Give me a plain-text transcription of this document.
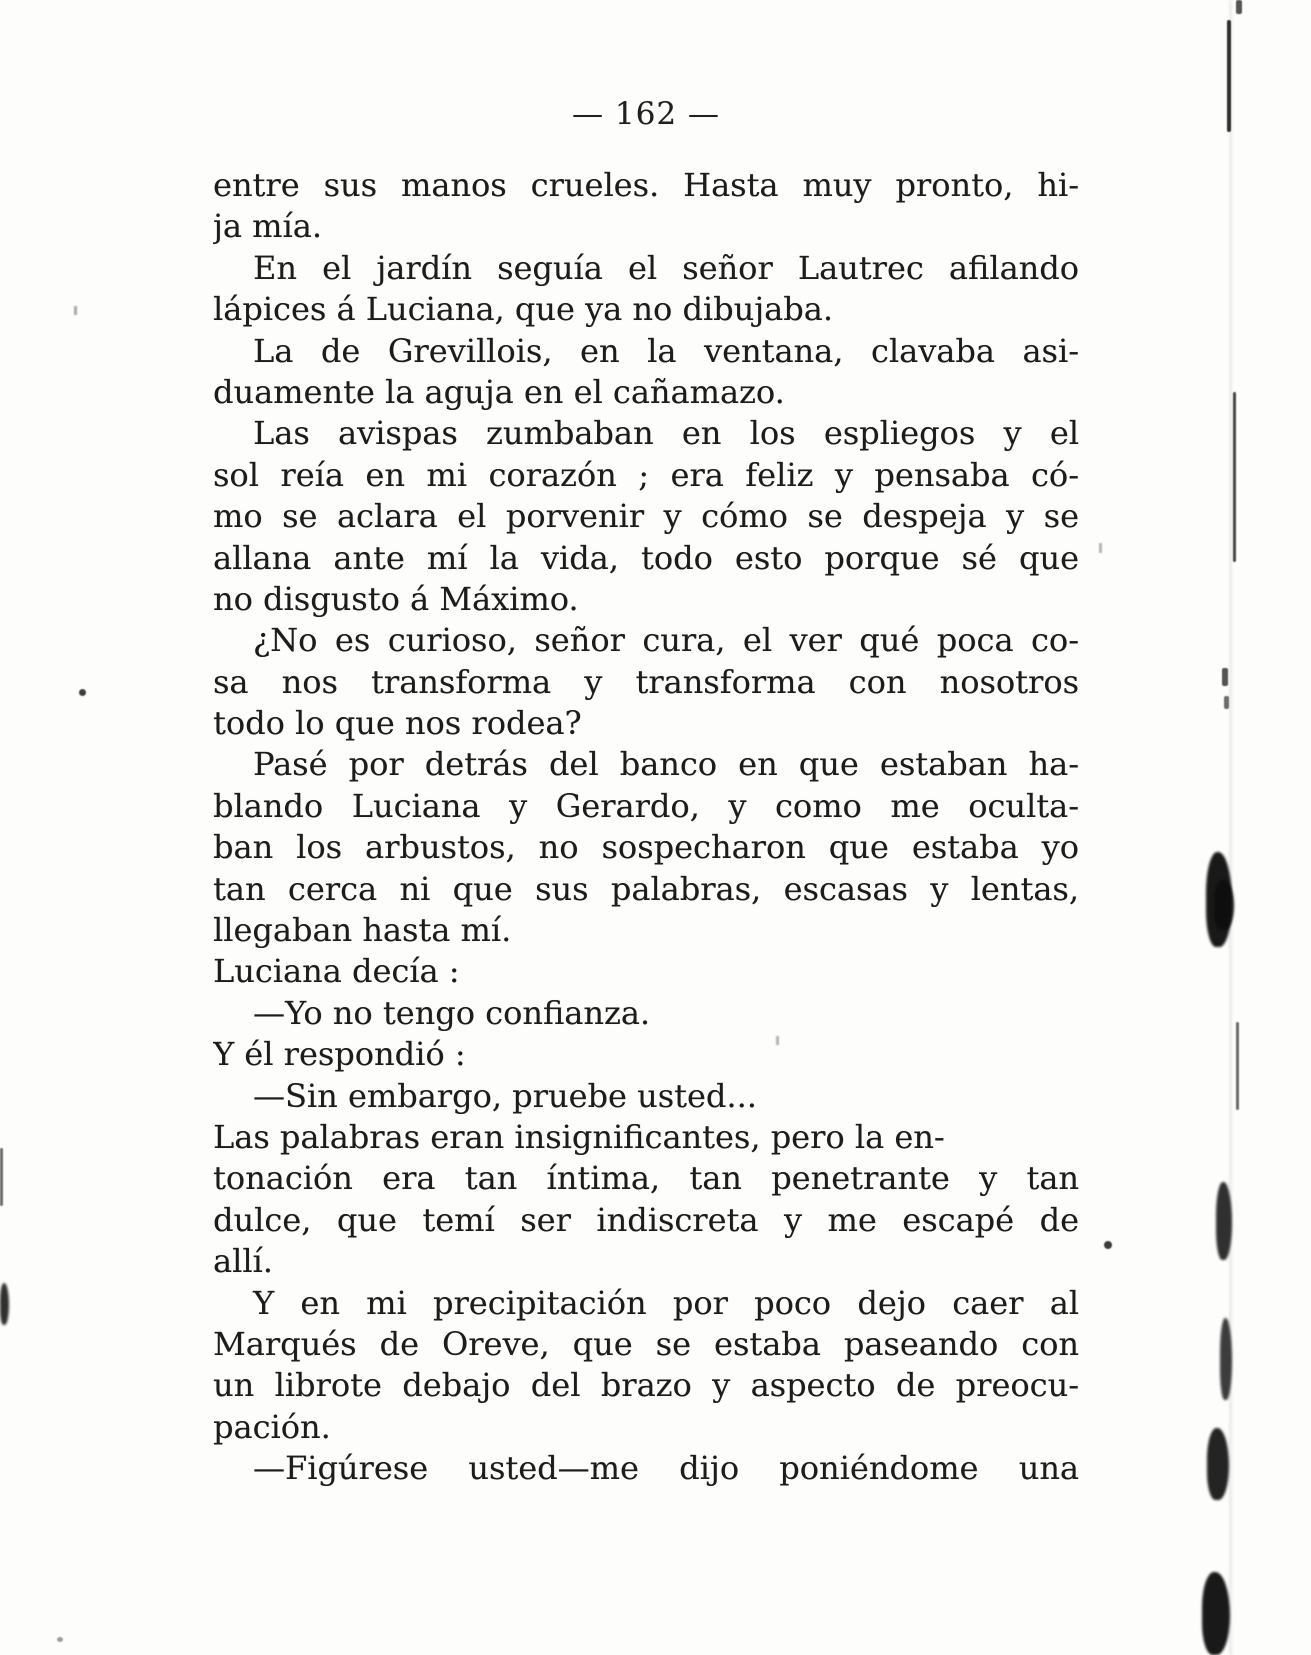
— 162 —
entre sus manos crueles. Hasta muy pronto, hi-
ja mía.
En el jardín seguía el señor Lautrec afilando
lápices á Luciana, que ya no dibujaba.
La de Grevillois, en la ventana, clavaba asi-
duamente la aguja en el cañamazo.
Las avispas zumbaban en los espliegos y el
sol reía en mi corazón ; era feliz y pensaba có-
mo se aclara el porvenir y cómo se despeja y se
allana ante mí la vida, todo esto porque sé que
no disgusto á Máximo.
¿No es curioso, señor cura, el ver qué poca co-
sa nos transforma y transforma con nosotros
todo lo que nos rodea?
Pasé por detrás del banco en que estaban ha-
blando Luciana y Gerardo, y como me oculta-
ban los arbustos, no sospecharon que estaba yo
tan cerca ni que sus palabras, escasas y lentas,
llegaban hasta mí.
Luciana decía :
—Yo no tengo confianza.
Y él respondió :
—Sin embargo, pruebe usted...
Las palabras eran insignificantes, pero la en-
tonación era tan íntima, tan penetrante y tan
dulce, que temí ser indiscreta y me escapé de
allí.
Y en mi precipitación por poco dejo caer al
Marqués de Oreve, que se estaba paseando con
un librote debajo del brazo y aspecto de preocu-
pación.
—Figúrese usted—me dijo poniéndome una
